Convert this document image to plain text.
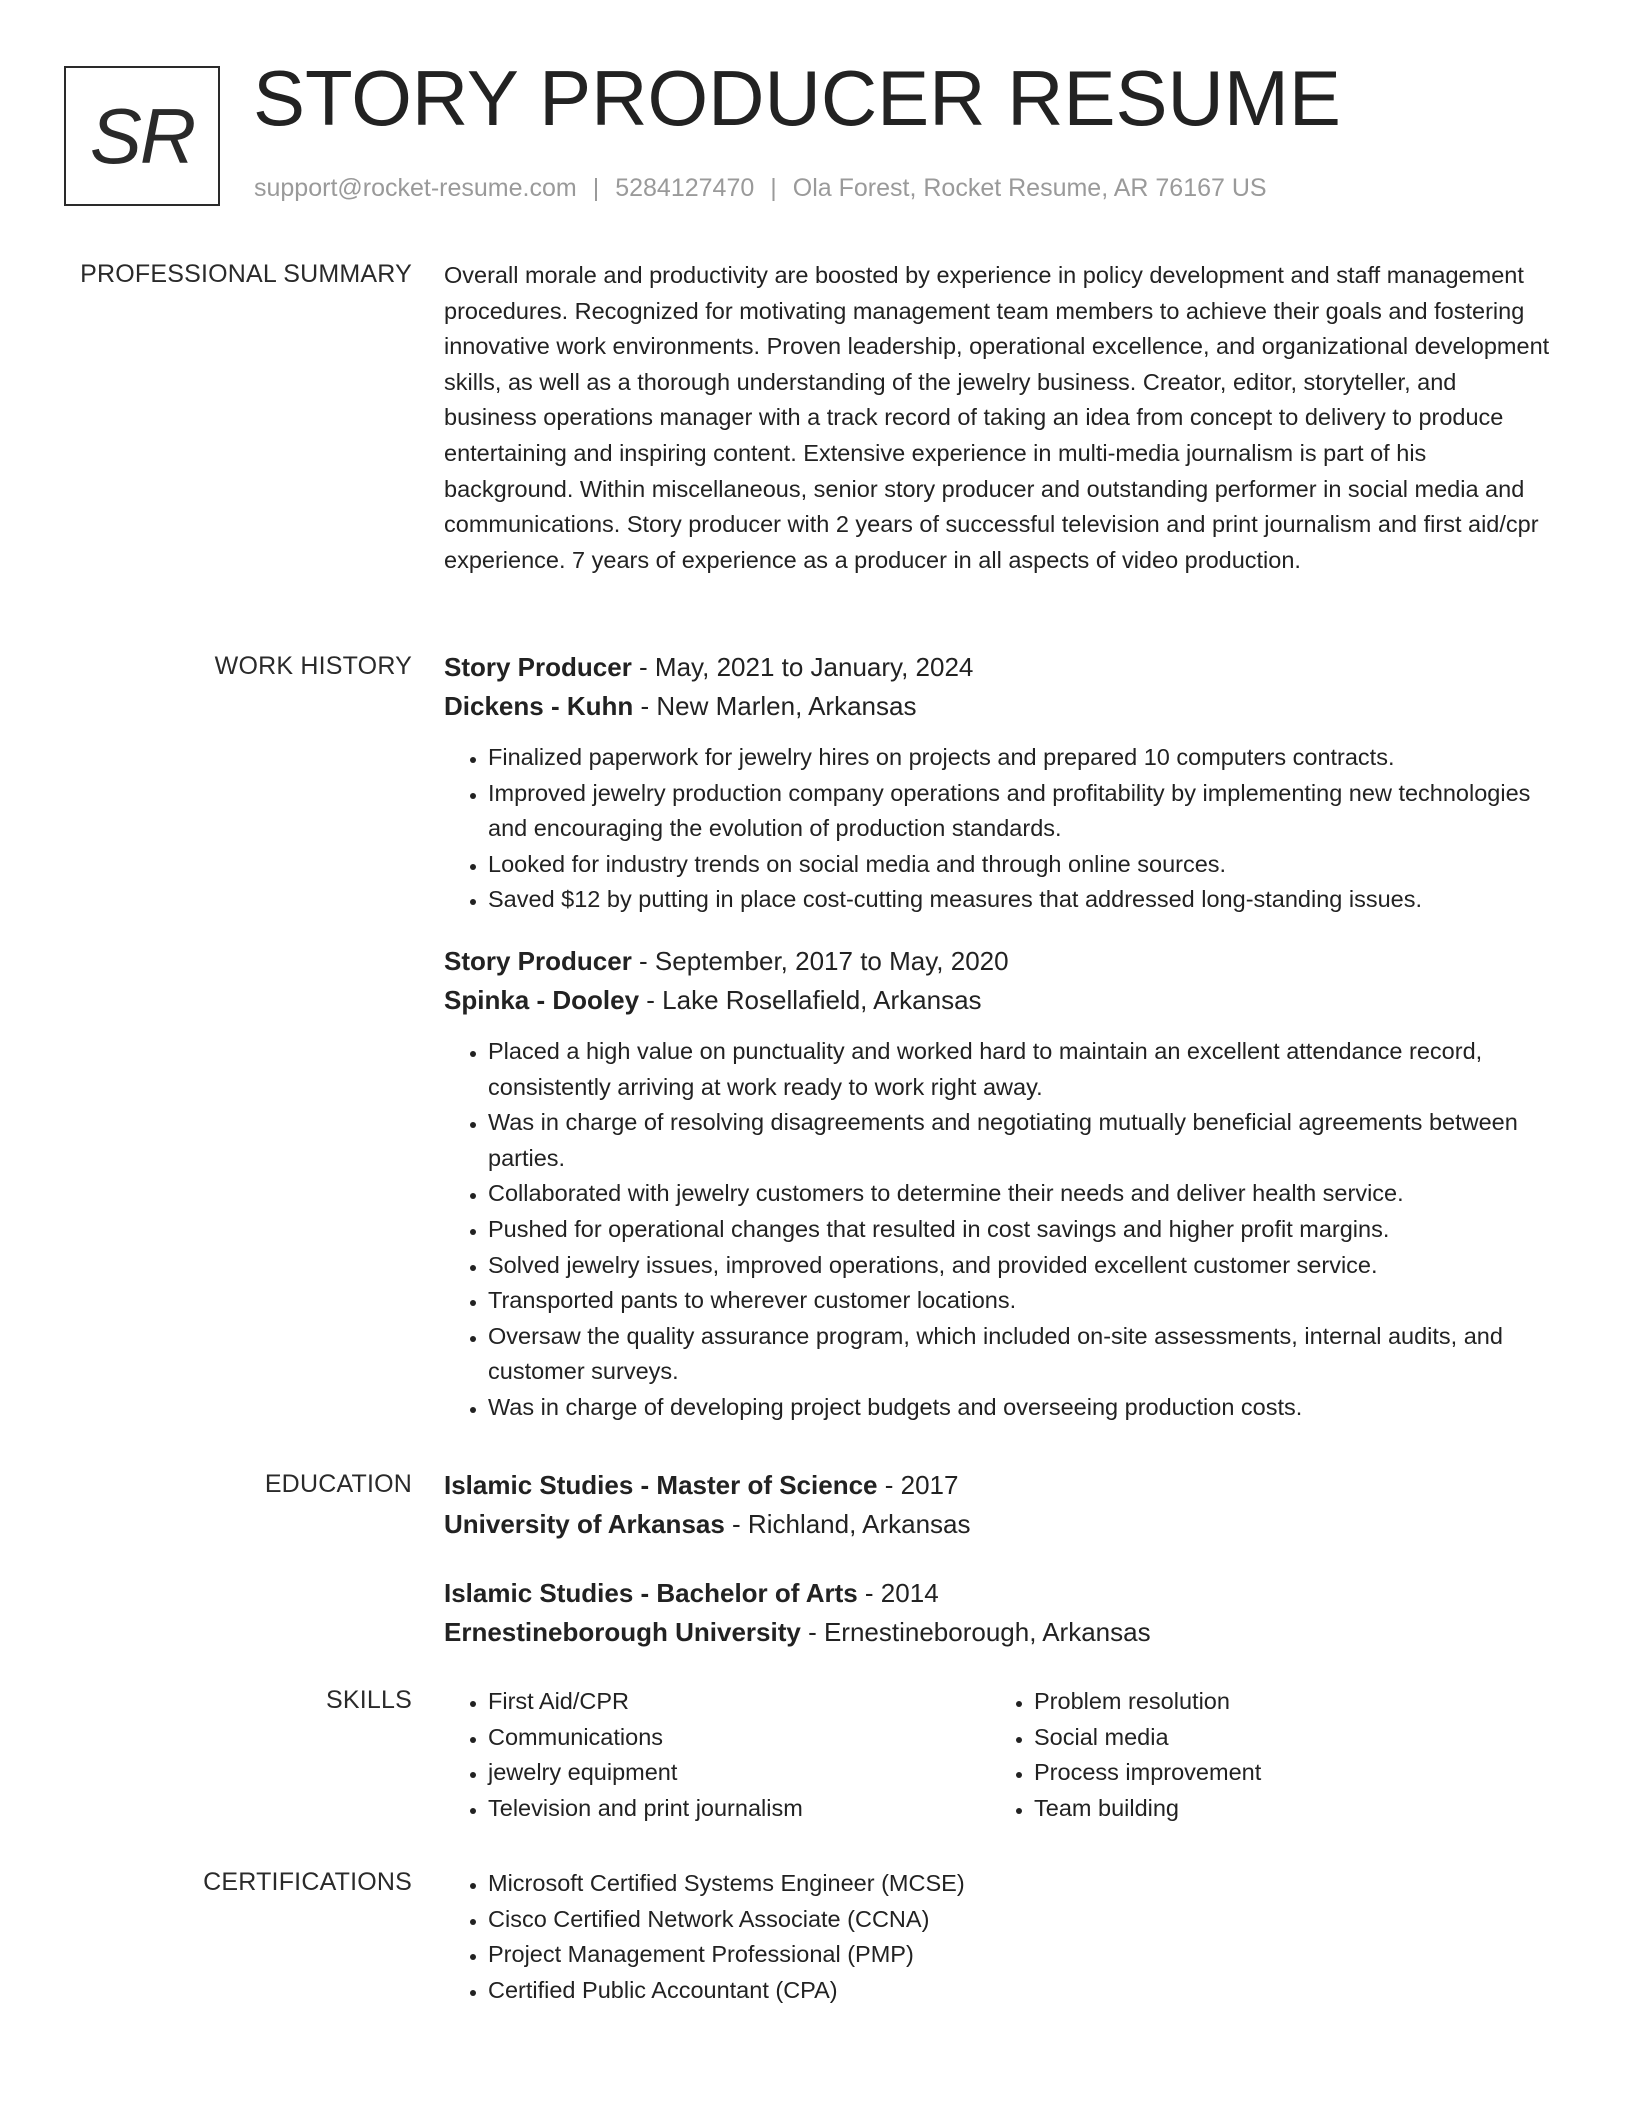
SR STORY PRODUCER RESUME
support@rocket-resume.com | 5284127470 | Ola Forest, Rocket Resume, AR 76167 US
PROFESSIONAL SUMMARY Overall morale and productivity are boosted by experience in policy development and staff management procedures. Recognized for motivating management team members to achieve their goals and fostering innovative work environments. Proven leadership, operational excellence, and organizational development skills, as well as a thorough understanding of the jewelry business. Creator, editor, storyteller, and business operations manager with a track record of taking an idea from concept to delivery to produce entertaining and inspiring content. Extensive experience in multi-media journalism is part of his background. Within miscellaneous, senior story producer and outstanding performer in social media and communications. Story producer with 2 years of successful television and print journalism and first aid/cpr experience. 7 years of experience as a producer in all aspects of video production.

WORK HISTORY Story Producer - May, 2021 to January, 2024
Dickens - Kuhn - New Marlen, Arkansas
• Finalized paperwork for jewelry hires on projects and prepared 10 computers contracts.
• Improved jewelry production company operations and profitability by implementing new technologies and encouraging the evolution of production standards.
• Looked for industry trends on social media and through online sources.
• Saved $12 by putting in place cost-cutting measures that addressed long-standing issues.
Story Producer - September, 2017 to May, 2020
Spinka - Dooley - Lake Rosellafield, Arkansas
• Placed a high value on punctuality and worked hard to maintain an excellent attendance record, consistently arriving at work ready to work right away.
• Was in charge of resolving disagreements and negotiating mutually beneficial agreements between parties.
• Collaborated with jewelry customers to determine their needs and deliver health service.
• Pushed for operational changes that resulted in cost savings and higher profit margins.
• Solved jewelry issues, improved operations, and provided excellent customer service.
• Transported pants to wherever customer locations.
• Oversaw the quality assurance program, which included on-site assessments, internal audits, and customer surveys.
• Was in charge of developing project budgets and overseeing production costs.
EDUCATION Islamic Studies - Master of Science - 2017
University of Arkansas - Richland, Arkansas
Islamic Studies - Bachelor of Arts - 2014
Ernestineborough University - Ernestineborough, Arkansas
SKILLS	• First Aid/CPR
• Communications
• jewelry equipment
• Television and print journalism
• Problem resolution
• Social media
• Process improvement
• Team building
CERTIFICATIONS	• Microsoft Certified Systems Engineer (MCSE)
• Cisco Certified Network Associate (CCNA)
• Project Management Professional (PMP)
• Certified Public Accountant (CPA)
